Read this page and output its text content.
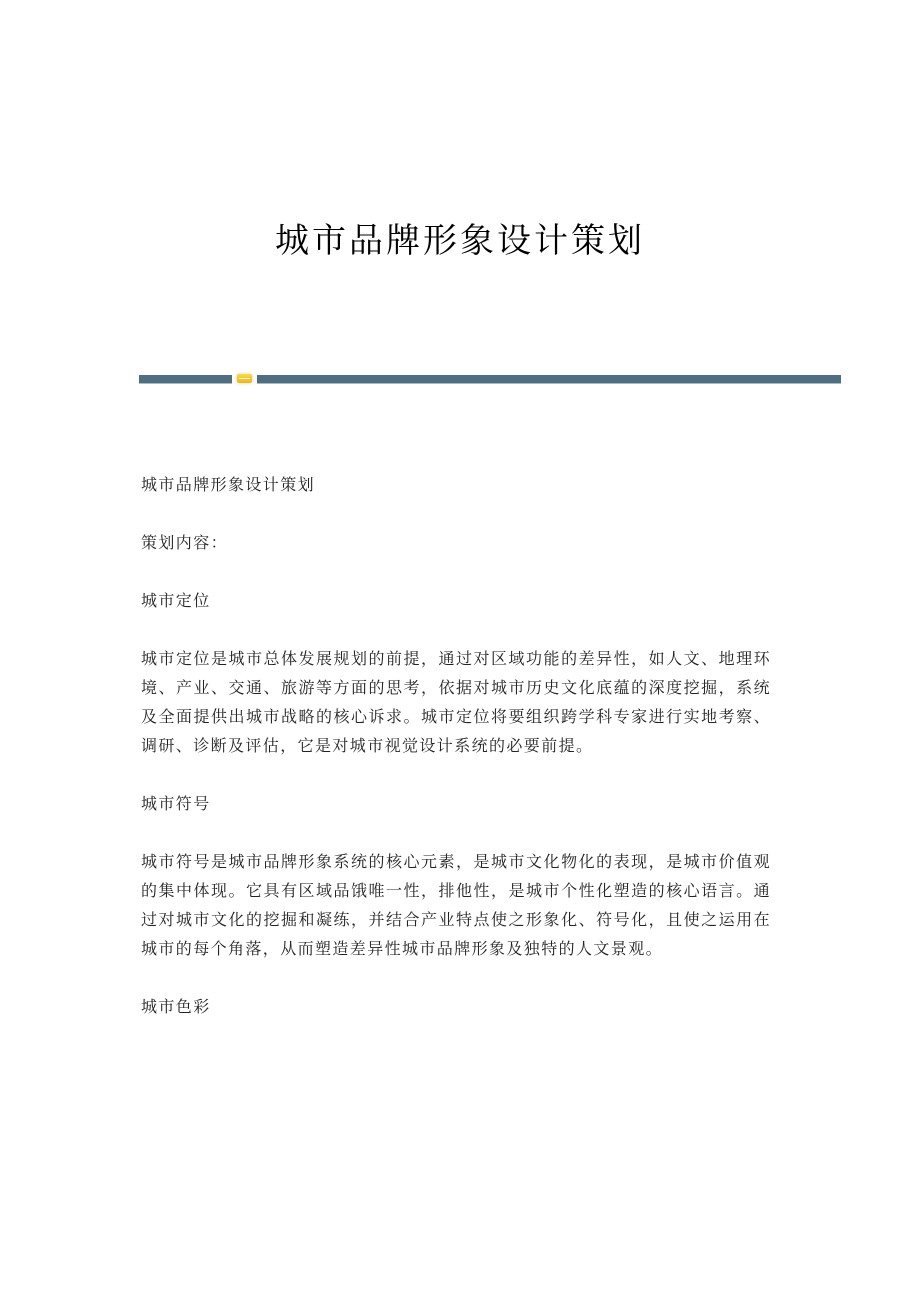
城市品牌形象设计策划

城市品牌形象设计策划

策划内容：

城市定位

城市定位是城市总体发展规划的前提，通过对区域功能的差异性，如人文、地理环境、产业、交通、旅游等方面的思考，依据对城市历史文化底蕴的深度挖掘，系统及全面提供出城市战略的核心诉求。城市定位将要组织跨学科专家进行实地考察、调研、诊断及评估，它是对城市视觉设计系统的必要前提。

城市符号

城市符号是城市品牌形象系统的核心元素，是城市文化物化的表现，是城市价值观的集中体现。它具有区域品饿唯一性，排他性，是城市个性化塑造的核心语言。通过对城市文化的挖掘和凝练，并结合产业特点使之形象化、符号化，且使之运用在城市的每个角落，从而塑造差异性城市品牌形象及独特的人文景观。

城市色彩
